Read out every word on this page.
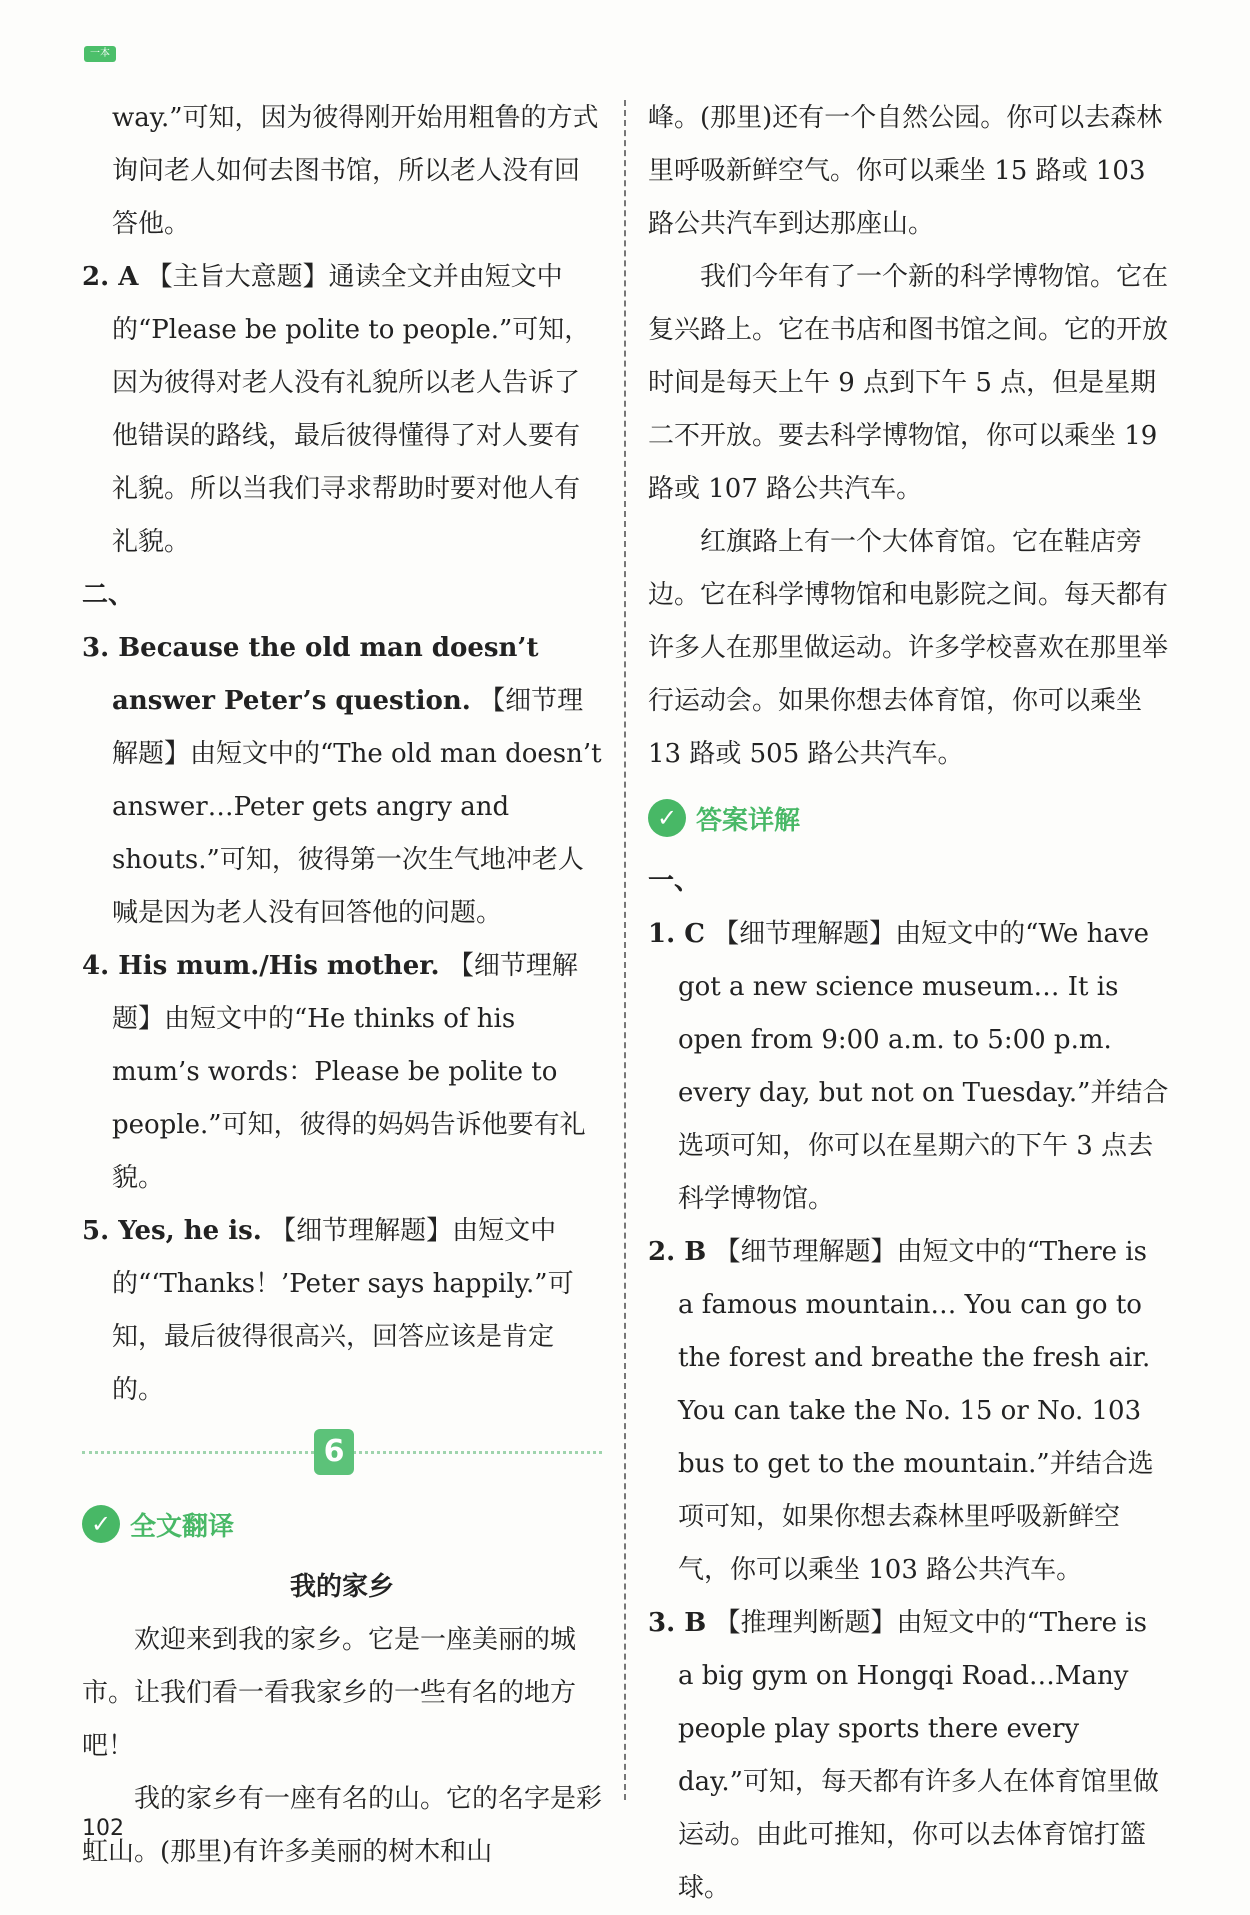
一本

way.”可知，因为彼得刚开始用粗鲁的方式询问老人如何去图书馆，所以老人没有回答他。

2. A 【主旨大意题】通读全文并由短文中的“Please be polite to people.”可知，因为彼得对老人没有礼貌所以老人告诉了他错误的路线，最后彼得懂得了对人要有礼貌。所以当我们寻求帮助时要对他人有礼貌。

二、

3. Because the old man doesn’t answer Peter’s question. 【细节理解题】由短文中的“The old man doesn’t answer…Peter gets angry and shouts.”可知，彼得第一次生气地冲老人喊是因为老人没有回答他的问题。

4. His mum./His mother. 【细节理解题】由短文中的“He thinks of his mum’s words：Please be polite to people.”可知，彼得的妈妈告诉他要有礼貌。

5. Yes, he is. 【细节理解题】由短文中的“‘Thanks！’Peter says happily.”可知，最后彼得很高兴，回答应该是肯定的。

6
✓ 全文翻译

我的家乡

欢迎来到我的家乡。它是一座美丽的城市。让我们看一看我家乡的一些有名的地方吧！

我的家乡有一座有名的山。它的名字是彩虹山。(那里)有许多美丽的树木和山

峰。(那里)还有一个自然公园。你可以去森林里呼吸新鲜空气。你可以乘坐 15 路或 103 路公共汽车到达那座山。

我们今年有了一个新的科学博物馆。它在复兴路上。它在书店和图书馆之间。它的开放时间是每天上午 9 点到下午 5 点，但是星期二不开放。要去科学博物馆，你可以乘坐 19 路或 107 路公共汽车。

红旗路上有一个大体育馆。它在鞋店旁边。它在科学博物馆和电影院之间。每天都有许多人在那里做运动。许多学校喜欢在那里举行运动会。如果你想去体育馆，你可以乘坐 13 路或 505 路公共汽车。

✓ 答案详解

一、

1. C 【细节理解题】由短文中的“We have got a new science museum… It is open from 9:00 a.m. to 5:00 p.m. every day, but not on Tuesday.”并结合选项可知，你可以在星期六的下午 3 点去科学博物馆。

2. B 【细节理解题】由短文中的“There is a famous mountain… You can go to the forest and breathe the fresh air. You can take the No. 15 or No. 103 bus to get to the mountain.”并结合选项可知，如果你想去森林里呼吸新鲜空气，你可以乘坐 103 路公共汽车。

3. B 【推理判断题】由短文中的“There is a big gym on Hongqi Road…Many people play sports there every day.”可知，每天都有许多人在体育馆里做运动。由此可推知，你可以去体育馆打篮球。

102
